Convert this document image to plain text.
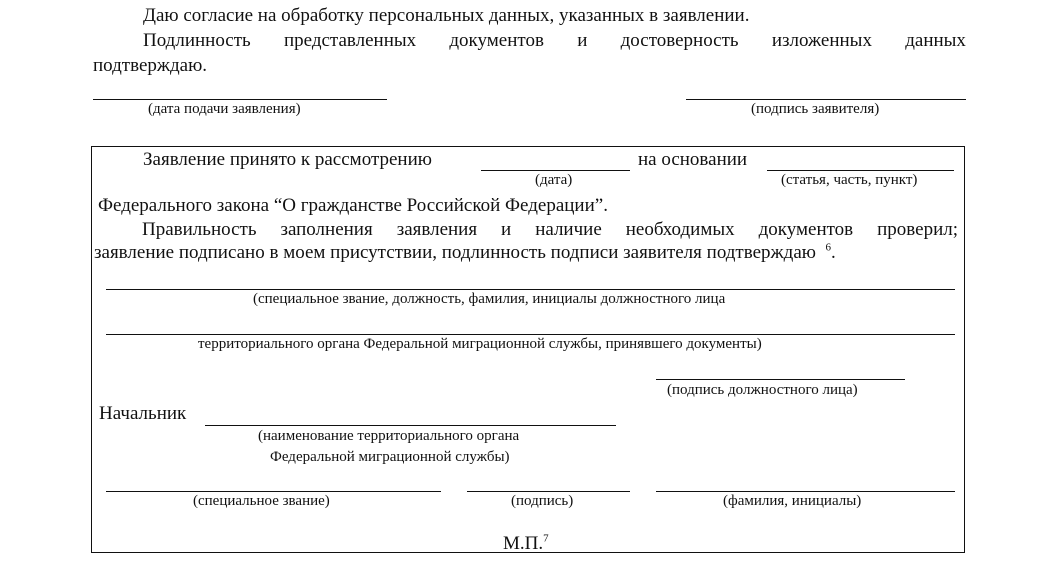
Даю согласие на обработку персональных данных, указанных в заявлении.
Подлинность представленных документов и достоверность изложенных данных
подтверждаю.
(дата подачи заявления)	(подпись заявителя)
Заявление принято к рассмотрению
(дата)
на основании
(статья, часть, пункт)
Федерального закона “О гражданстве Российской Федерации”.
Правильность заполнения заявления и наличие необходимых документов проверил;
заявление подписано в моем присутствии, подлинность подписи заявителя подтверждаю $^6$.
(специальное звание, должность, фамилия, инициалы должностного лица
территориального органа Федеральной миграционной службы, принявшего документы)
(подпись должностного лица)
Начальник
(наименование территориального органа
Федеральной миграционной службы)
(специальное звание)	(подпись)	(фамилия, инициалы)
М.П.$^7$
